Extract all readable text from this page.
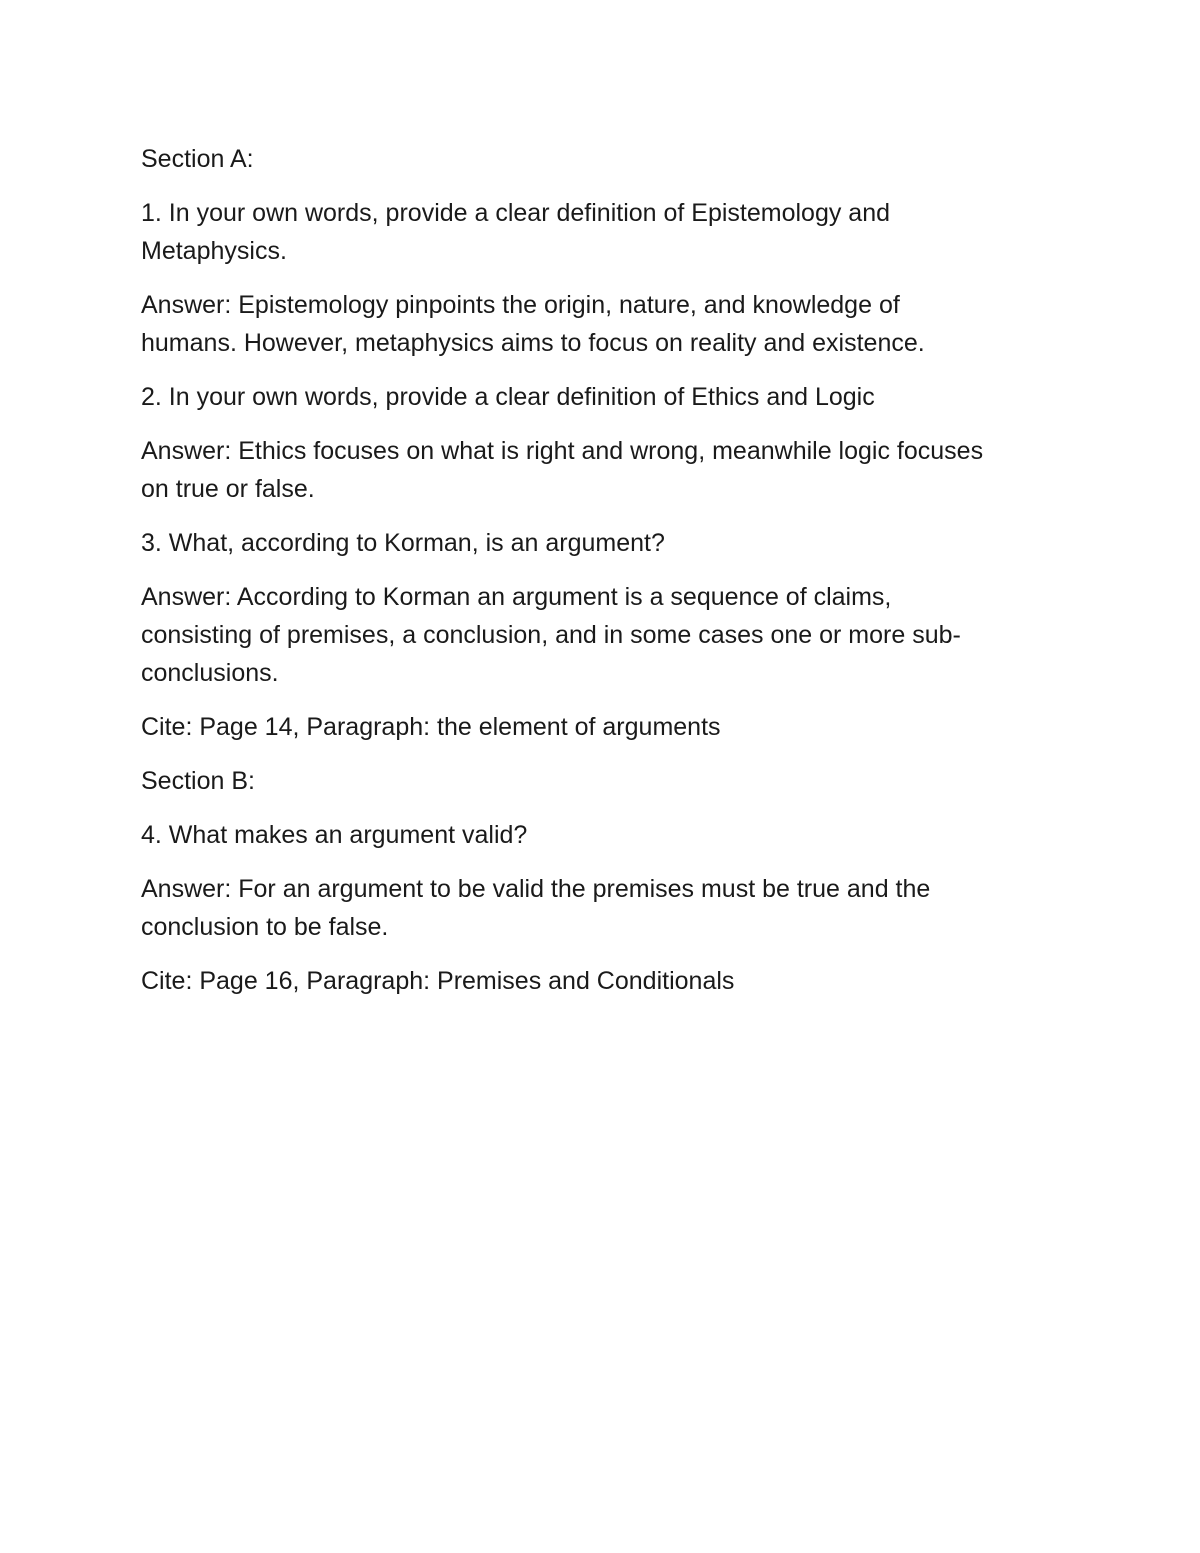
Section A:

1. In your own words, provide a clear definition of Epistemology and
Metaphysics.

Answer: Epistemology pinpoints the origin, nature, and knowledge of
humans. However, metaphysics aims to focus on reality and existence.

2. In your own words, provide a clear definition of Ethics and Logic

Answer: Ethics focuses on what is right and wrong, meanwhile logic focuses
on true or false.

3. What, according to Korman, is an argument?

Answer: According to Korman an argument is a sequence of claims,
consisting of premises, a conclusion, and in some cases one or more sub-
conclusions.

Cite: Page 14, Paragraph: the element of arguments

Section B:

4. What makes an argument valid?

Answer: For an argument to be valid the premises must be true and the
conclusion to be false.

Cite: Page 16, Paragraph: Premises and Conditionals
